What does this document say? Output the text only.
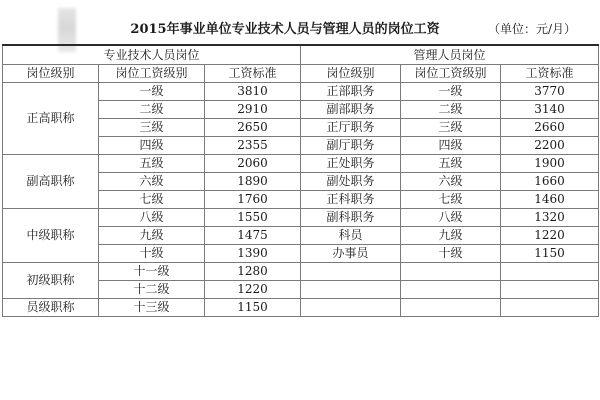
2015年事业单位专业技术人员与管理人员的岗位工资	（单位：元/月）
专业技术人员岗位			管理人员岗位		
岗位级别	岗位工资级别	工资标准	岗位级别	岗位工资级别	工资标准
正高职称	一级	3810	正部职务	一级	3770
	二级	2910	副部职务	二级	3140
	三级	2650	正厅职务	三级	2660
	四级	2355	副厅职务	四级	2200
副高职称	五级	2060	正处职务	五级	1900
	六级	1890	副处职务	六级	1660
	七级	1760	正科职务	七级	1460
中级职称	八级	1550	副科职务	八级	1320
	九级	1475	科员	九级	1220
	十级	1390	办事员	十级	1150
初级职称	十一级	1280			
	十二级	1220			
员级职称	十三级	1150			
